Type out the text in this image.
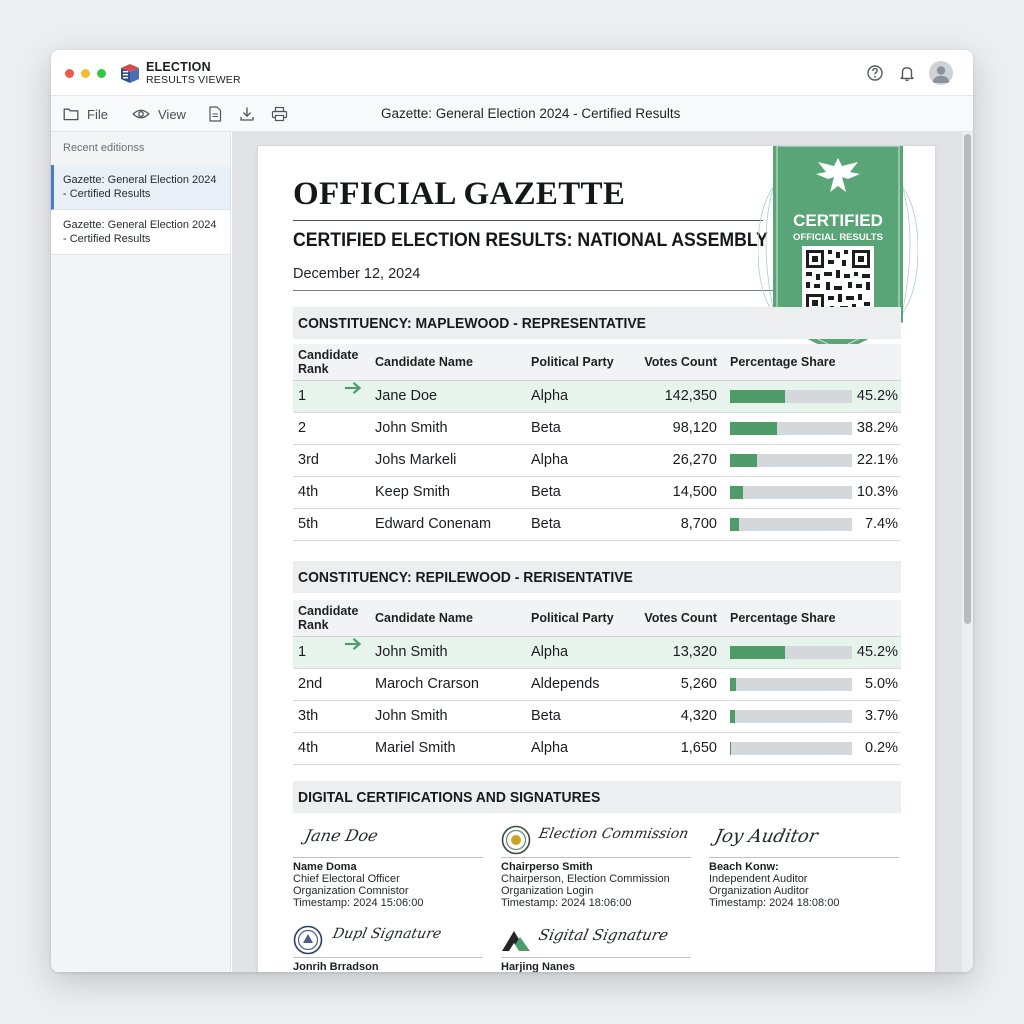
ELECTION
RESULTS VIEWER
File	View	Gazette: General Election 2024 - Certified Results
Recent editionss
Gazette: General Election 2024 - Certified Results
Gazette: General Election 2024 - Certified Results
OFFICIAL GAZETTE
CERTIFIED ELECTION RESULTS: NATIONAL ASSEMBLY
December 12, 2024
CERTIFIED
OFFICIAL RESULTS
CONSTITUENCY: MAPLEWOOD - REPRESENTATIVE
Candidate Rank	Candidate Name	Political Party	Votes Count	Percentage Share

1	Jane Doe	Alpha	142,350	45.2%

2	John Smith	Beta	98,120	38.2%

3rd	Johs Markeli	Alpha	26,270	22.1%

4th	Keep Smith	Beta	14,500	10.3%

5th	Edward Conenam	Beta	8,700	7.4%
CONSTITUENCY: REPILEWOOD - RERISENTATIVE
Candidate Rank	Candidate Name	Political Party	Votes Count	Percentage Share

1	John Smith	Alpha	13,320	45.2%

2nd	Maroch Crarson	Aldepends	5,260	5.0%

3th	John Smith	Beta	4,320	3.7%

4th	Mariel Smith	Alpha	1,650	0.2%
DIGITAL CERTIFICATIONS AND SIGNATURES
Jane Doe
Name Doma
Chief Electoral Officer
Organization Comnistor
Timestamp: 2024 15:06:00
Election Commission
Chairperso Smith
Chairperson, Election Commission
Organization Login
Timestamp: 2024 18:06:00
Joy Auditor
Beach Konw:
Independent Auditor
Organization Auditor
Timestamp: 2024 18:08:00
Dupl Signature
Jonrih Brradson
Sigital Signature
Harjing Nanes
